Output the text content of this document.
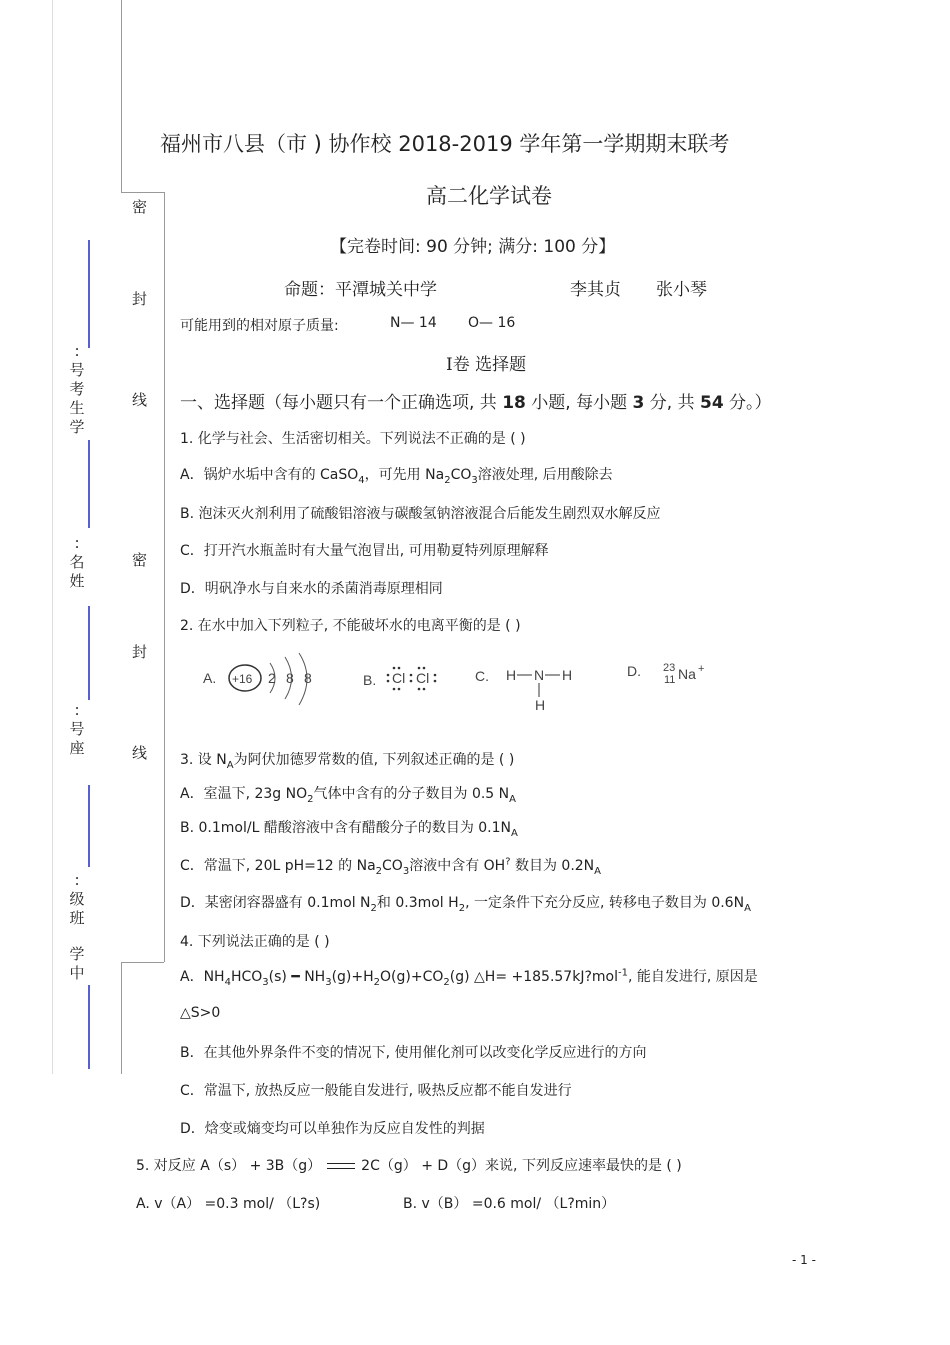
密
封
线
密
封
线
: 号考生学
: 名姓
: 号座
: 级班
学中
福州市八县（市 ) 协作校 2018-2019 学年第一学期期末联考
高二化学试卷
【完卷时间: 90 分钟; 满分: 100 分】
命题：平潭城关中学	李其贞 张小琴
可能用到的相对原子质量:	N— 14 O— 16
Ⅰ卷 选择题
一、选择题（每小题只有一个正确选项, 共 18 小题, 每小题 3 分, 共 54 分。）
1. 化学与社会、生活密切相关。下列说法不正确的是 ( )
A．锅炉水垢中含有的 CaSO$_4$，可先用 $Na_2CO_3$溶液处理, 后用酸除去
B. 泡沫灭火剂利用了硫酸铝溶液与碳酸氢钠溶液混合后能发生剧烈双水解反应
C．打开汽水瓶盖时有大量气泡冒出, 可用勒夏特列原理解释
D．明矾净水与自来水的杀菌消毒原理相同
2. 在水中加入下列粒子, 不能破坏水的电离平衡的是 ( )
A. +16 2 8 8	B. Cl Cl	C. H N H
H
D. 23
11 Na +
3. 设 $N_A$为阿伏加德罗常数的值, 下列叙述正确的是 ( )
A．室温下, 23g $NO_2$气体中含有的分子数目为 0.5 $N_A$
B. 0.1mol/L 醋酸溶液中含有醋酸分子的数目为 $0.1N_A$
C．常温下, 20L pH=12 的 $Na_2CO_3$溶液中含有 OH? 数目为 $0.2N_A$
D．某密闭容器盛有 0.1mol $N_2$和 0.3mol $H_2$, 一定条件下充分反应, 转移电子数目为 $0.6N_A$
4. 下列说法正确的是 ( )
A．$NH_4HCO_3(s)$ ━ $NH_3(g)+H_2O(g)+CO_2(g)$ △H= +185.57kJ?mol$^{-1}$, 能自发进行, 原因是
△S>0
B．在其他外界条件不变的情况下, 使用催化剂可以改变化学反应进行的方向
C．常温下, 放热反应一般能自发进行, 吸热反应都不能自发进行
D．焓变或熵变均可以单独作为反应自发性的判据
5. 对反应 A（s） + 3B（g）	2C（g） + D（g）来说, 下列反应速率最快的是 ( )
A. v（A） =0.3 mol/ （L?s)	B. v（B） =0.6 mol/ （L?min）
- 1 -
